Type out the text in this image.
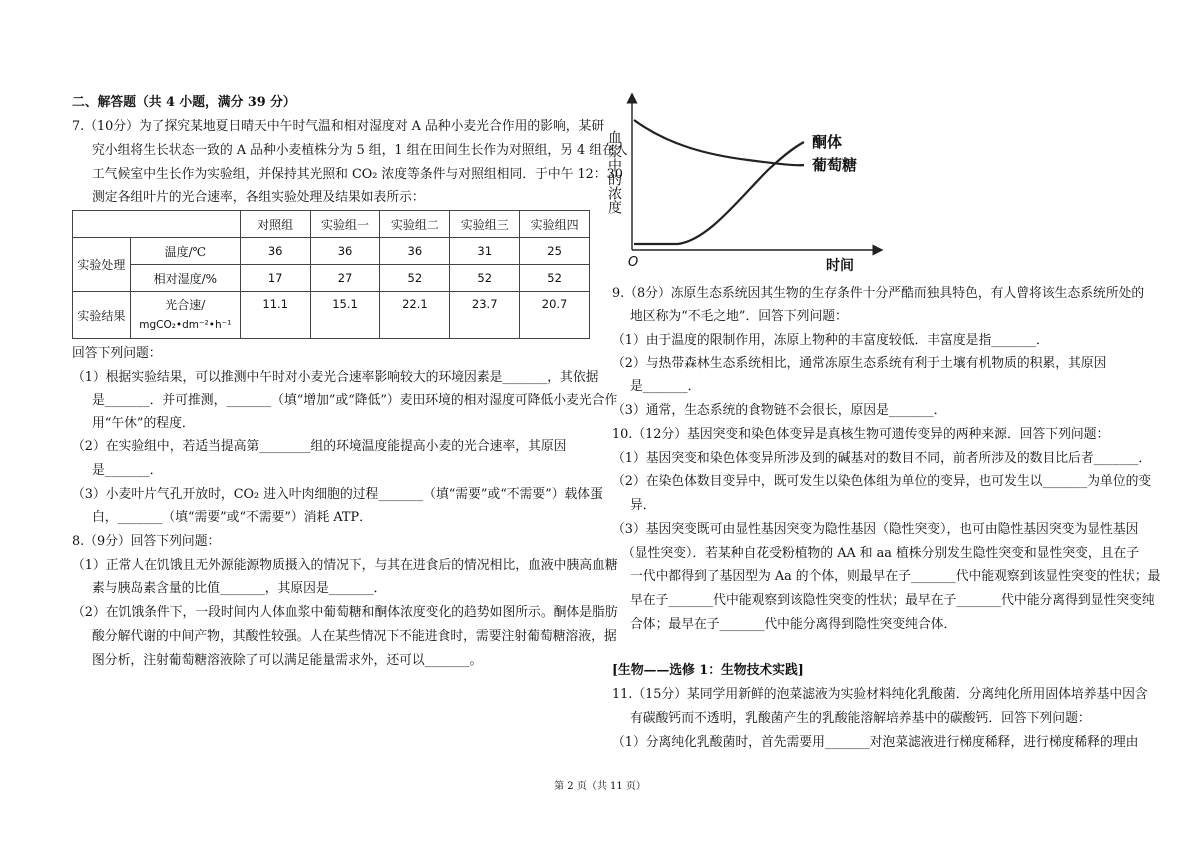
二、解答题（共 4 小题，满分 39 分）
7.（10分）为了探究某地夏日晴天中午时气温和相对湿度对 A 品种小麦光合作用的影响，某研
究小组将生长状态一致的 A 品种小麦植株分为 5 组，1 组在田间生长作为对照组，另 4 组在人
工气候室中生长作为实验组，并保持其光照和 CO₂ 浓度等条件与对照组相同．于中午 12：30
测定各组叶片的光合速率，各组实验处理及结果如表所示：
		对照组	实验组一	实验组二	实验组三	实验组四
实验处理	温度/℃	36	36	36	31	25
	相对湿度/%	17	27	52	52	52
实验结果	光合速/
mgCO₂•dm⁻²•h⁻¹	11.1	15.1	22.1	23.7	20.7
回答下列问题：
（1）根据实验结果，可以推测中午时对小麦光合速率影响较大的环境因素是_______，其依据
是_______．并可推测，_______（填“增加”或“降低”）麦田环境的相对湿度可降低小麦光合作
用“午休”的程度．
（2）在实验组中，若适当提高第________组的环境温度能提高小麦的光合速率，其原因
是_______．
（3）小麦叶片气孔开放时，CO₂ 进入叶肉细胞的过程_______（填“需要”或“不需要”）载体蛋
白，_______（填“需要”或“不需要”）消耗 ATP．
8.（9分）回答下列问题：
（1）正常人在饥饿且无外源能源物质摄入的情况下，与其在进食后的情况相比，血液中胰高血糖
素与胰岛素含量的比值_______，其原因是_______．
（2）在饥饿条件下，一段时间内人体血浆中葡萄糖和酮体浓度变化的趋势如图所示。酮体是脂肪
酸分解代谢的中间产物，其酸性较强。人在某些情况下不能进食时，需要注射葡萄糖溶液，据
图分析，注射葡萄糖溶液除了可以满足能量需求外，还可以_______。
酮体
葡萄糖
O	时间
血浆中的浓度
9.（8分）冻原生态系统因其生物的生存条件十分严酷而独具特色，有人曾将该生态系统所处的
地区称为“不毛之地”．回答下列问题：
（1）由于温度的限制作用，冻原上物种的丰富度较低．丰富度是指_______．
（2）与热带森林生态系统相比，通常冻原生态系统有利于土壤有机物质的积累，其原因
是_______．
（3）通常，生态系统的食物链不会很长，原因是_______．
10.（12分）基因突变和染色体变异是真核生物可遗传变异的两种来源．回答下列问题：
（1）基因突变和染色体变异所涉及到的碱基对的数目不同，前者所涉及的数目比后者_______．
（2）在染色体数目变异中，既可发生以染色体组为单位的变异，也可发生以_______为单位的变
异．
（3）基因突变既可由显性基因突变为隐性基因（隐性突变），也可由隐性基因突变为显性基因
（显性突变）．若某种自花受粉植物的 AA 和 aa 植株分别发生隐性突变和显性突变，且在子
一代中都得到了基因型为 Aa 的个体，则最早在子_______代中能观察到该显性突变的性状；最
早在子_______代中能观察到该隐性突变的性状；最早在子_______代中能分离得到显性突变纯
合体；最早在子_______代中能分离得到隐性突变纯合体．
[生物——选修 1：生物技术实践]
11.（15分）某同学用新鲜的泡菜滤液为实验材料纯化乳酸菌．分离纯化所用固体培养基中因含
有碳酸钙而不透明，乳酸菌产生的乳酸能溶解培养基中的碳酸钙．回答下列问题：
（1）分离纯化乳酸菌时，首先需要用_______对泡菜滤液进行梯度稀释，进行梯度稀释的理由
第 2 页（共 11 页）
